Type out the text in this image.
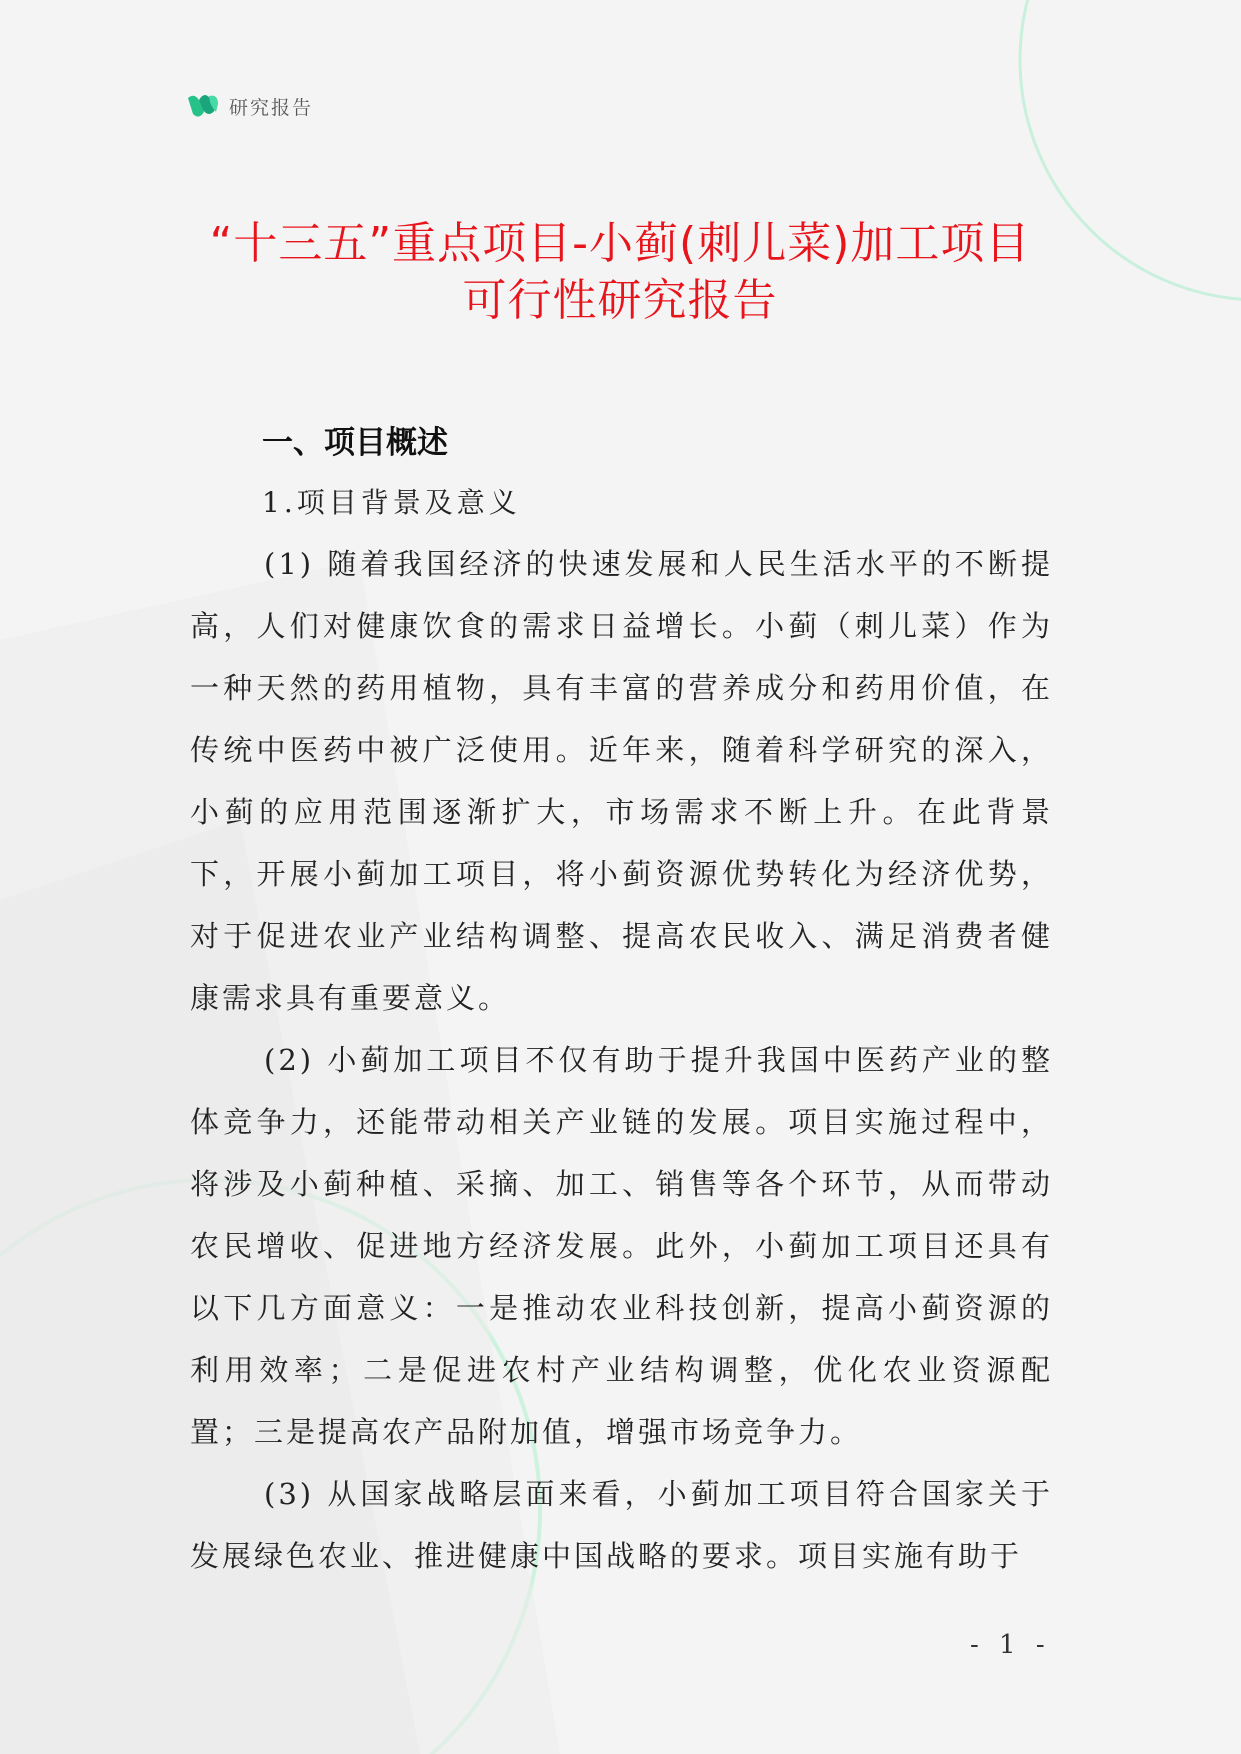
研究报告
“十三五”重点项目-小蓟(刺儿菜)加工项目可行性研究报告

一、项目概述

1.项目背景及意义

(1) 随着我国经济的快速发展和人民生活水平的不断提高，人们对健康饮食的需求日益增长。小蓟（刺儿菜）作为一种天然的药用植物，具有丰富的营养成分和药用价值，在传统中医药中被广泛使用。近年来，随着科学研究的深入，小蓟的应用范围逐渐扩大，市场需求不断上升。在此背景下，开展小蓟加工项目，将小蓟资源优势转化为经济优势，对于促进农业产业结构调整、提高农民收入、满足消费者健康需求具有重要意义。

(2) 小蓟加工项目不仅有助于提升我国中医药产业的整体竞争力，还能带动相关产业链的发展。项目实施过程中，将涉及小蓟种植、采摘、加工、销售等各个环节，从而带动农民增收、促进地方经济发展。此外，小蓟加工项目还具有以下几方面意义：一是推动农业科技创新，提高小蓟资源的利用效率；二是促进农村产业结构调整，优化农业资源配置；三是提高农产品附加值，增强市场竞争力。

(3) 从国家战略层面来看，小蓟加工项目符合国家关于发展绿色农业、推进健康中国战略的要求。项目实施有助于

- 1 -
